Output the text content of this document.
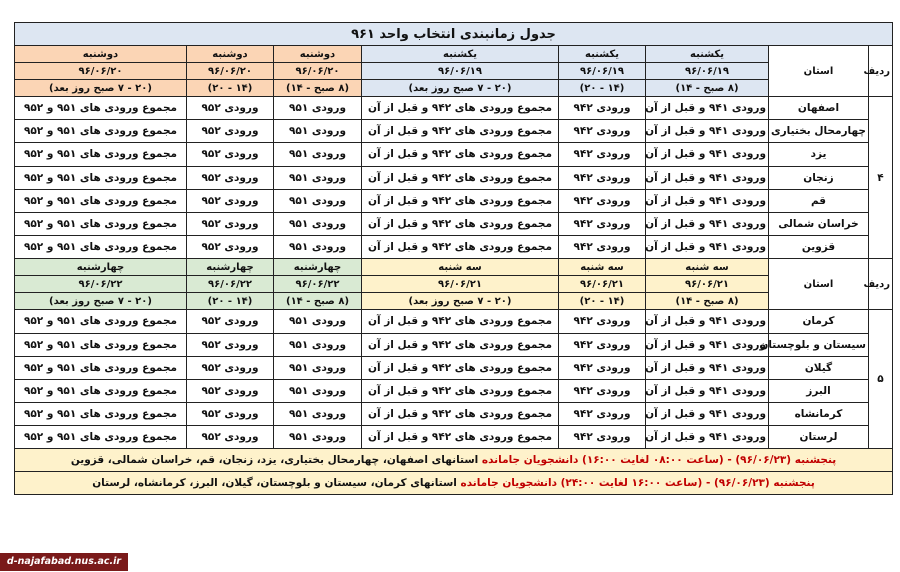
جدول زمانبندی انتخاب واحد ۹۶۱							
ردیف	استان	یکشنبه	یکشنبه	یکشنبه	دوشنبه	دوشنبه	دوشنبه
		۹۶/۰۶/۱۹	۹۶/۰۶/۱۹	۹۶/۰۶/۱۹	۹۶/۰۶/۲۰	۹۶/۰۶/۲۰	۹۶/۰۶/۲۰
		(۸ صبح - ۱۴)	(۱۴ - ۲۰)	(۲۰ - ۷ صبح روز بعد)	(۸ صبح - ۱۴)	(۱۴ - ۲۰)	(۲۰ - ۷ صبح روز بعد)
۴	اصفهان	ورودی ۹۴۱ و قبل از آن	ورودی ۹۴۲	مجموع ورودی های ۹۴۲ و قبل از آن	ورودی ۹۵۱	ورودی ۹۵۲	مجموع ورودی های ۹۵۱ و ۹۵۲
	چهارمحال بختیاری	ورودی ۹۴۱ و قبل از آن	ورودی ۹۴۲	مجموع ورودی های ۹۴۲ و قبل از آن	ورودی ۹۵۱	ورودی ۹۵۲	مجموع ورودی های ۹۵۱ و ۹۵۲
	یزد	ورودی ۹۴۱ و قبل از آن	ورودی ۹۴۲	مجموع ورودی های ۹۴۲ و قبل از آن	ورودی ۹۵۱	ورودی ۹۵۲	مجموع ورودی های ۹۵۱ و ۹۵۲
	زنجان	ورودی ۹۴۱ و قبل از آن	ورودی ۹۴۲	مجموع ورودی های ۹۴۲ و قبل از آن	ورودی ۹۵۱	ورودی ۹۵۲	مجموع ورودی های ۹۵۱ و ۹۵۲
	قم	ورودی ۹۴۱ و قبل از آن	ورودی ۹۴۲	مجموع ورودی های ۹۴۲ و قبل از آن	ورودی ۹۵۱	ورودی ۹۵۲	مجموع ورودی های ۹۵۱ و ۹۵۲
	خراسان شمالی	ورودی ۹۴۱ و قبل از آن	ورودی ۹۴۲	مجموع ورودی های ۹۴۲ و قبل از آن	ورودی ۹۵۱	ورودی ۹۵۲	مجموع ورودی های ۹۵۱ و ۹۵۲
	قزوین	ورودی ۹۴۱ و قبل از آن	ورودی ۹۴۲	مجموع ورودی های ۹۴۲ و قبل از آن	ورودی ۹۵۱	ورودی ۹۵۲	مجموع ورودی های ۹۵۱ و ۹۵۲
ردیف	استان	سه شنبه	سه شنبه	سه شنبه	چهارشنبه	چهارشنبه	چهارشنبه
		۹۶/۰۶/۲۱	۹۶/۰۶/۲۱	۹۶/۰۶/۲۱	۹۶/۰۶/۲۲	۹۶/۰۶/۲۲	۹۶/۰۶/۲۲
		(۸ صبح - ۱۴)	(۱۴ - ۲۰)	(۲۰ - ۷ صبح روز بعد)	(۸ صبح - ۱۴)	(۱۴ - ۲۰)	(۲۰ - ۷ صبح روز بعد)
۵	کرمان	ورودی ۹۴۱ و قبل از آن	ورودی ۹۴۲	مجموع ورودی های ۹۴۲ و قبل از آن	ورودی ۹۵۱	ورودی ۹۵۲	مجموع ورودی های ۹۵۱ و ۹۵۲
	سیستان و بلوچستان	ورودی ۹۴۱ و قبل از آن	ورودی ۹۴۲	مجموع ورودی های ۹۴۲ و قبل از آن	ورودی ۹۵۱	ورودی ۹۵۲	مجموع ورودی های ۹۵۱ و ۹۵۲
	گیلان	ورودی ۹۴۱ و قبل از آن	ورودی ۹۴۲	مجموع ورودی های ۹۴۲ و قبل از آن	ورودی ۹۵۱	ورودی ۹۵۲	مجموع ورودی های ۹۵۱ و ۹۵۲
	البرز	ورودی ۹۴۱ و قبل از آن	ورودی ۹۴۲	مجموع ورودی های ۹۴۲ و قبل از آن	ورودی ۹۵۱	ورودی ۹۵۲	مجموع ورودی های ۹۵۱ و ۹۵۲
	کرمانشاه	ورودی ۹۴۱ و قبل از آن	ورودی ۹۴۲	مجموع ورودی های ۹۴۲ و قبل از آن	ورودی ۹۵۱	ورودی ۹۵۲	مجموع ورودی های ۹۵۱ و ۹۵۲
	لرستان	ورودی ۹۴۱ و قبل از آن	ورودی ۹۴۲	مجموع ورودی های ۹۴۲ و قبل از آن	ورودی ۹۵۱	ورودی ۹۵۲	مجموع ورودی های ۹۵۱ و ۹۵۲
پنجشنبه (۹۶/۰۶/۲۳) - (ساعت ۰۸:۰۰ لغایت ۱۶:۰۰) دانشجویان جامانده استانهای اصفهان، چهارمحال بختیاری، یزد، زنجان، قم، خراسان شمالی، قزوین							
پنجشنبه (۹۶/۰۶/۲۳) - (ساعت ۱۶:۰۰ لغایت ۲۴:۰۰) دانشجویان جامانده استانهای کرمان، سیستان و بلوچستان، گیلان، البرز، کرمانشاه، لرستان							
d-najafabad.nus.ac.ir
